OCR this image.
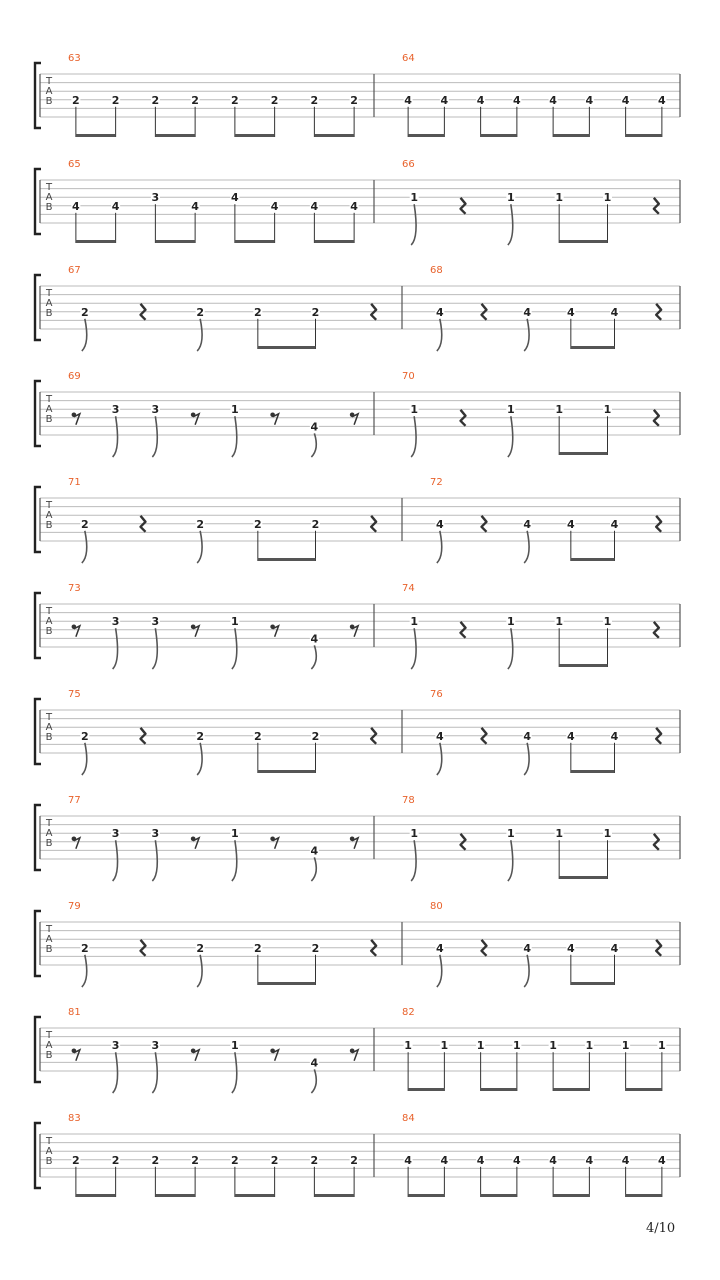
T
A
B
63
2	2	2	2	2	2	2	2
64
4	4	4	4	4	4	4	4
T
A
B
65
4	4
3
4
4
4	4	4
66
1	1	1	1
T
A
B
67
2	2	2	2
68
4	4	4	4
T
A
B
69
3	3	1
4
70
1	1	1	1
T
A
B
71
2	2	2	2
72
4	4	4	4
T
A
B
73
3	3	1
4
74
1	1	1	1
T
A
B
75
2	2	2	2
76
4	4	4	4
T
A
B
77
3	3	1
4
78
1	1	1	1
T
A
B
79
2	2	2	2
80
4	4	4	4
T
A
B
81
3	3	1
4
82
1	1	1	1	1	1	1	1
T
A
B
83
2	2	2	2	2	2	2	2
84
4	4	4	4	4	4	4	4
4/10
